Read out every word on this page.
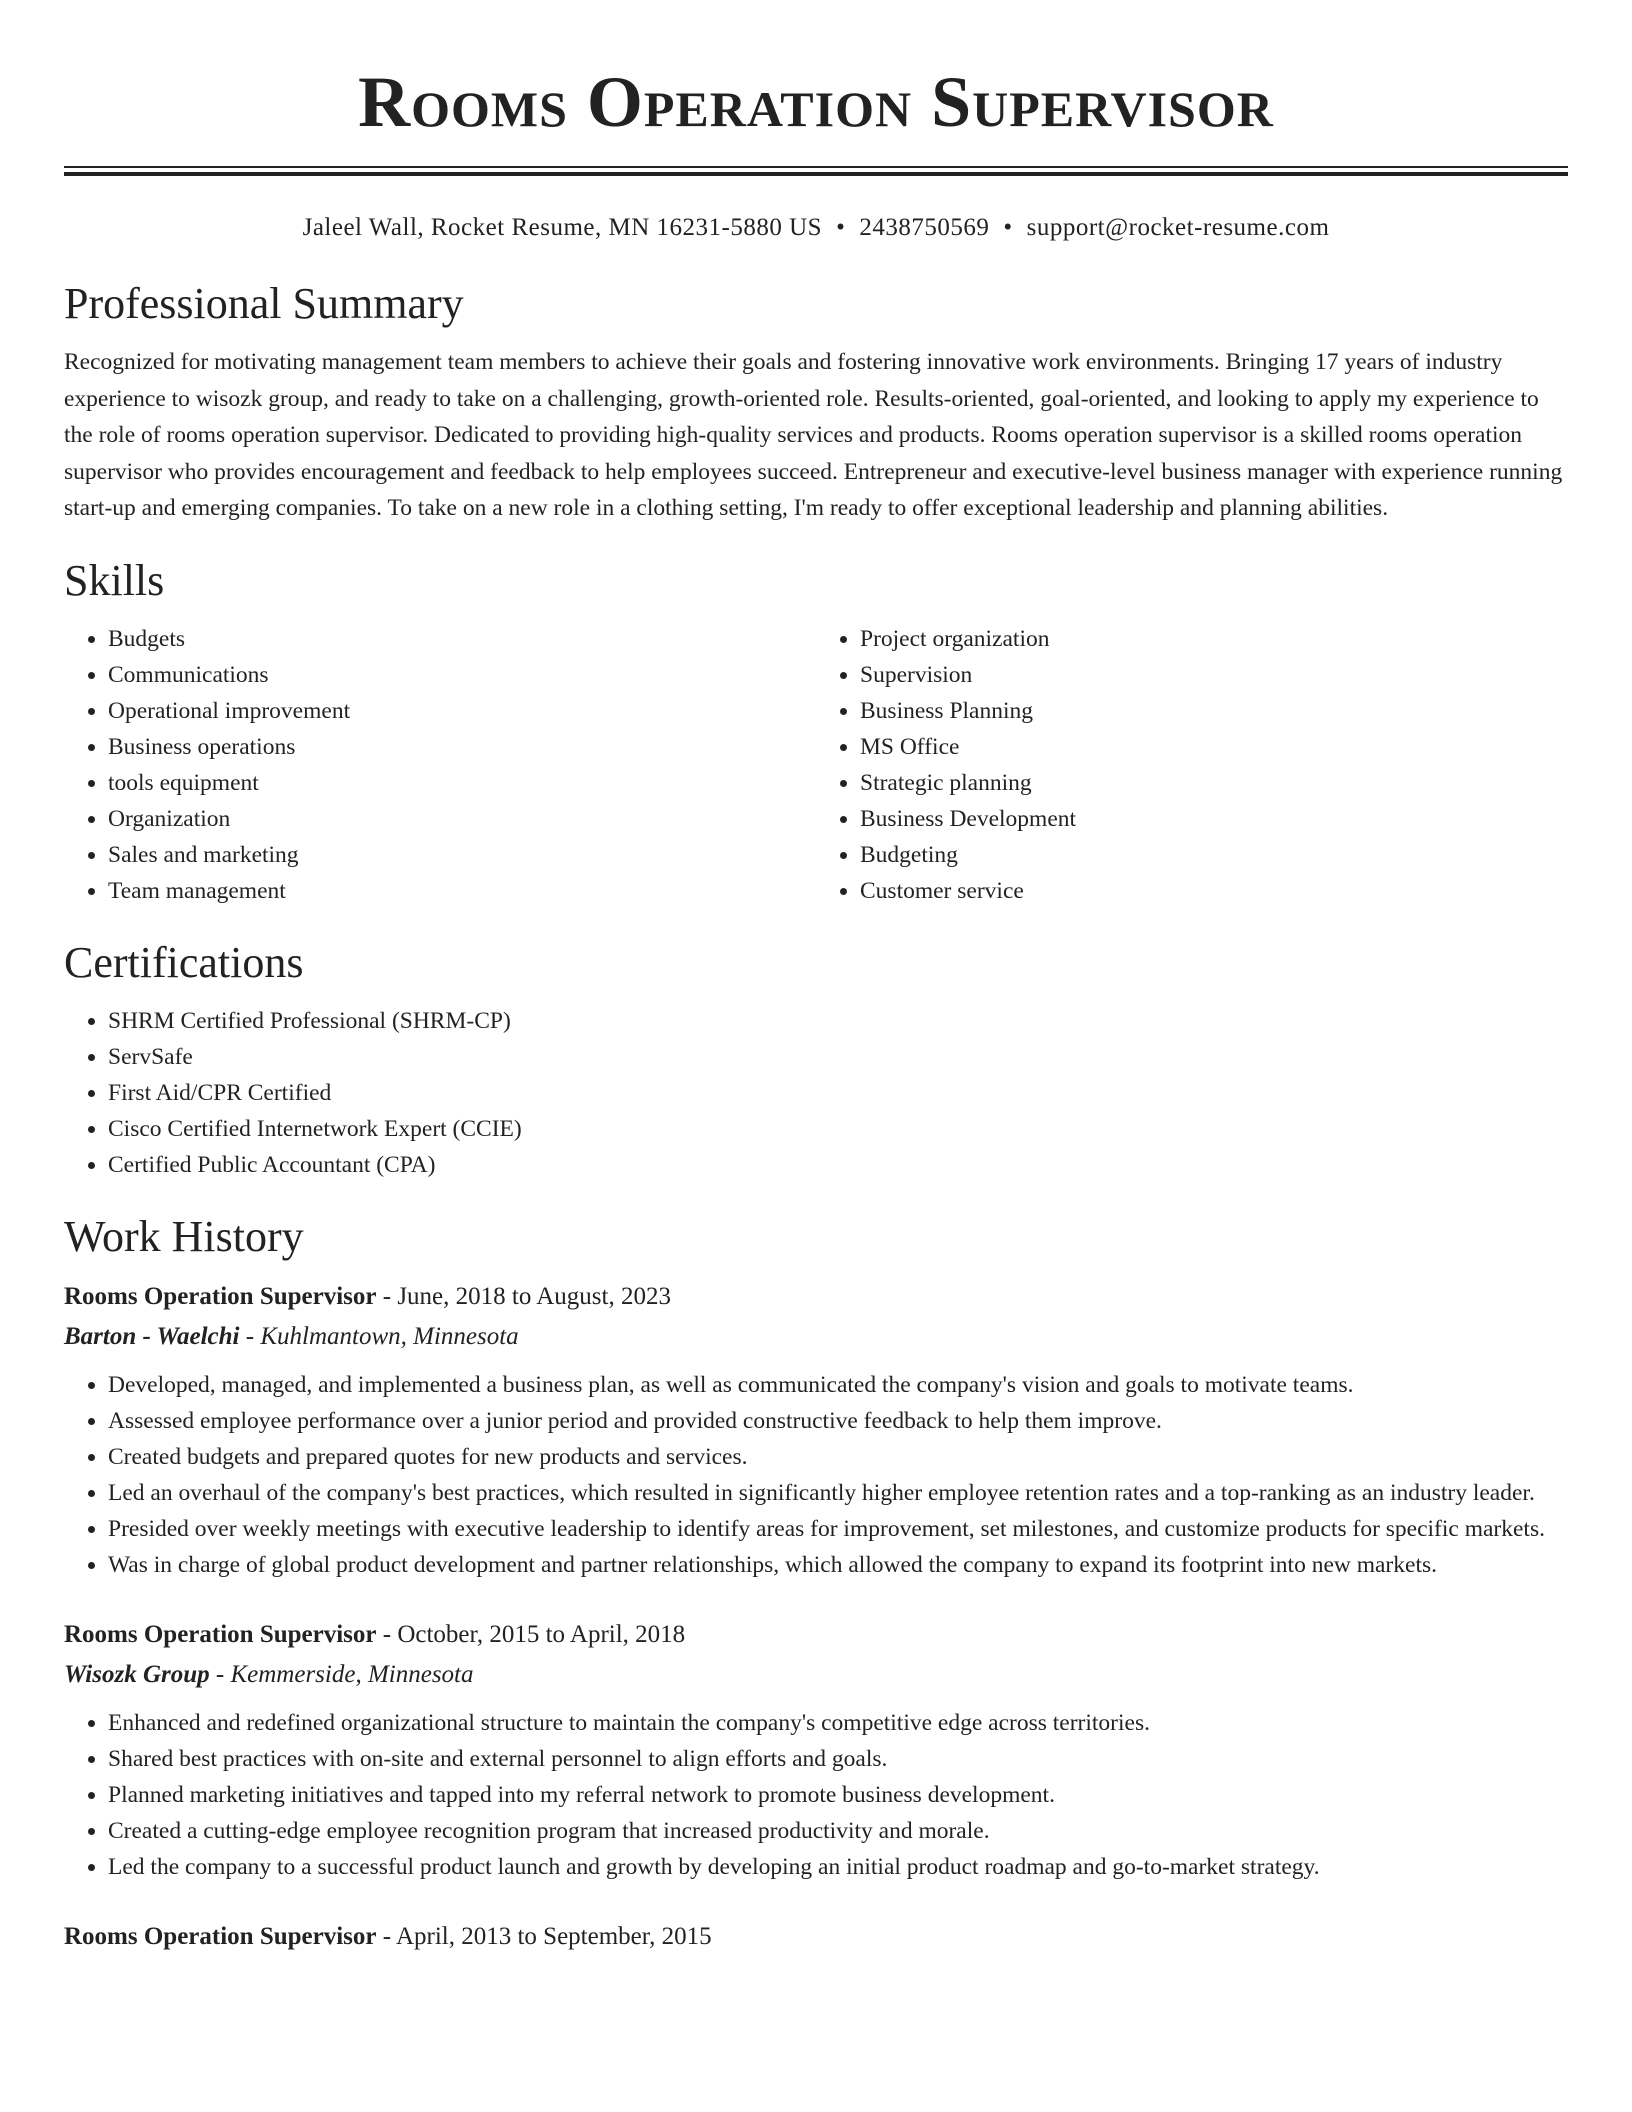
Rooms Operation Supervisor
Jaleel Wall, Rocket Resume, MN 16231-5880 US • 2438750569 • support@rocket-resume.com
Professional Summary
Recognized for motivating management team members to achieve their goals and fostering innovative work environments. Bringing 17 years of industry experience to wisozk group, and ready to take on a challenging, growth-oriented role. Results-oriented, goal-oriented, and looking to apply my experience to the role of rooms operation supervisor. Dedicated to providing high-quality services and products. Rooms operation supervisor is a skilled rooms operation supervisor who provides encouragement and feedback to help employees succeed. Entrepreneur and executive-level business manager with experience running start-up and emerging companies. To take on a new role in a clothing setting, I'm ready to offer exceptional leadership and planning abilities.
Skills
• Budgets
• Communications
• Operational improvement
• Business operations
• tools equipment
• Organization
• Sales and marketing
• Team management
• Project organization
• Supervision
• Business Planning
• MS Office
• Strategic planning
• Business Development
• Budgeting
• Customer service
Certifications
• SHRM Certified Professional (SHRM-CP)
• ServSafe
• First Aid/CPR Certified
• Cisco Certified Internetwork Expert (CCIE)
• Certified Public Accountant (CPA)
Work History
Rooms Operation Supervisor - June, 2018 to August, 2023
Barton - Waelchi - Kuhlmantown, Minnesota
• Developed, managed, and implemented a business plan, as well as communicated the company's vision and goals to motivate teams.
• Assessed employee performance over a junior period and provided constructive feedback to help them improve.
• Created budgets and prepared quotes for new products and services.
• Led an overhaul of the company's best practices, which resulted in significantly higher employee retention rates and a top-ranking as an industry leader.
• Presided over weekly meetings with executive leadership to identify areas for improvement, set milestones, and customize products for specific markets.
• Was in charge of global product development and partner relationships, which allowed the company to expand its footprint into new markets.
Rooms Operation Supervisor - October, 2015 to April, 2018
Wisozk Group - Kemmerside, Minnesota
• Enhanced and redefined organizational structure to maintain the company's competitive edge across territories.
• Shared best practices with on-site and external personnel to align efforts and goals.
• Planned marketing initiatives and tapped into my referral network to promote business development.
• Created a cutting-edge employee recognition program that increased productivity and morale.
• Led the company to a successful product launch and growth by developing an initial product roadmap and go-to-market strategy.
Rooms Operation Supervisor - April, 2013 to September, 2015
